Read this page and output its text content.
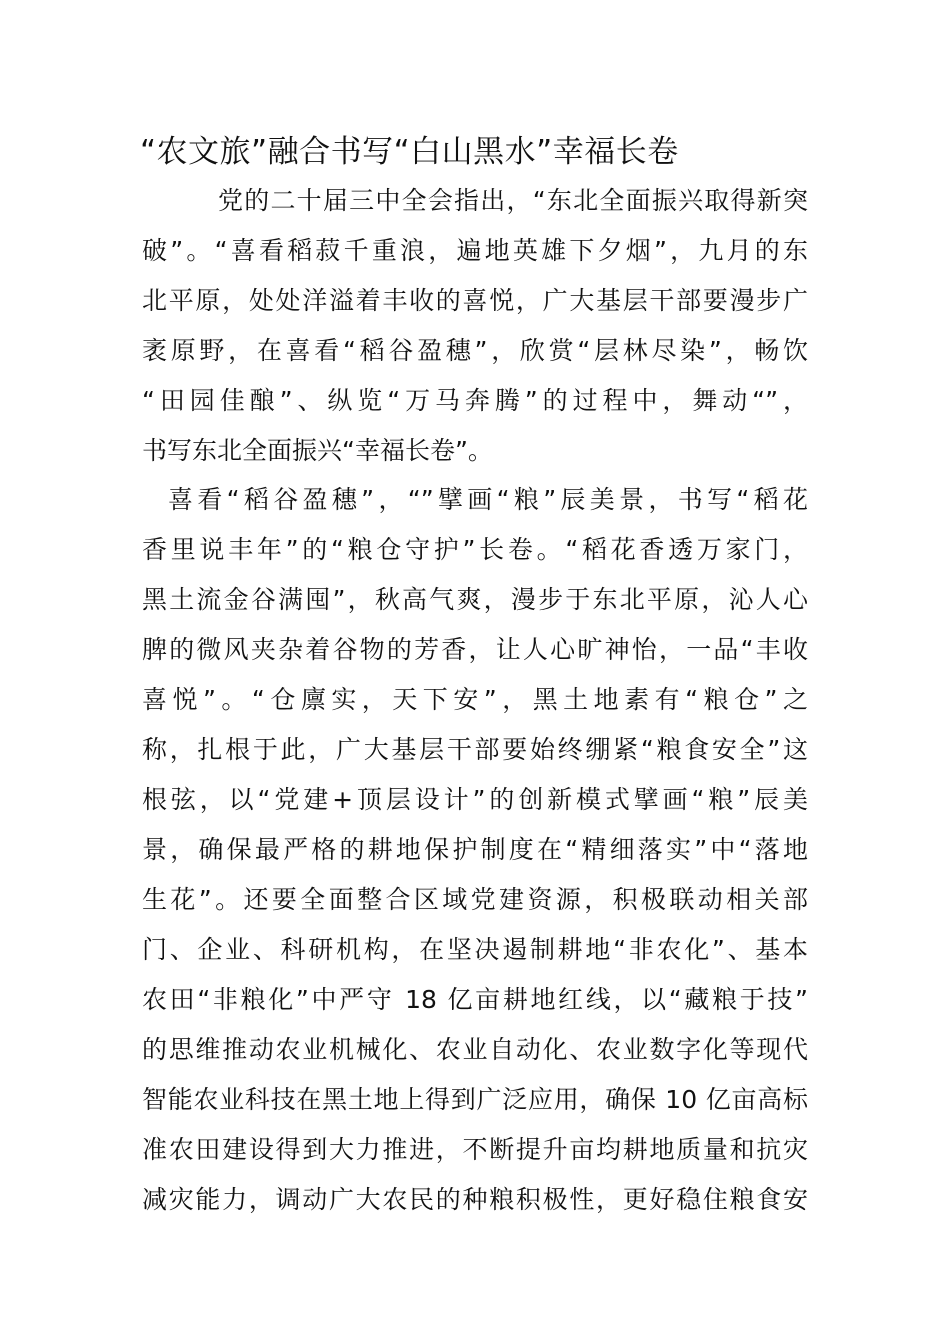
“农文旅”融合书写“白山黑水”幸福长卷
党的二十届三中全会指出，“东北全面振兴取得新突
破”。“喜看稻菽千重浪，遍地英雄下夕烟”，九月的东
北平原，处处洋溢着丰收的喜悦，广大基层干部要漫步广
袤原野，在喜看“稻谷盈穗”，欣赏“层林尽染”，畅饮
“田园佳酿”、纵览“万马奔腾”的过程中，舞动“”，
书写东北全面振兴“幸福长卷”。
喜看“稻谷盈穗”，“”擘画“粮”辰美景，书写“稻花
香里说丰年”的“粮仓守护”长卷。“稻花香透万家门，
黑土流金谷满囤”，秋高气爽，漫步于东北平原，沁人心
脾的微风夹杂着谷物的芳香，让人心旷神怡，一品“丰收
喜悦”。“仓廪实，天下安”，黑土地素有“粮仓”之
称，扎根于此，广大基层干部要始终绷紧“粮食安全”这
根弦，以“党建+顶层设计”的创新模式擘画“粮”辰美
景，确保最严格的耕地保护制度在“精细落实”中“落地
生花”。还要全面整合区域党建资源，积极联动相关部
门、企业、科研机构，在坚决遏制耕地“非农化”、基本
农田“非粮化”中严守 18 亿亩耕地红线，以“藏粮于技”
的思维推动农业机械化、农业自动化、农业数字化等现代
智能农业科技在黑土地上得到广泛应用，确保 10 亿亩高标
准农田建设得到大力推进，不断提升亩均耕地质量和抗灾
减灾能力，调动广大农民的种粮积极性，更好稳住粮食安
